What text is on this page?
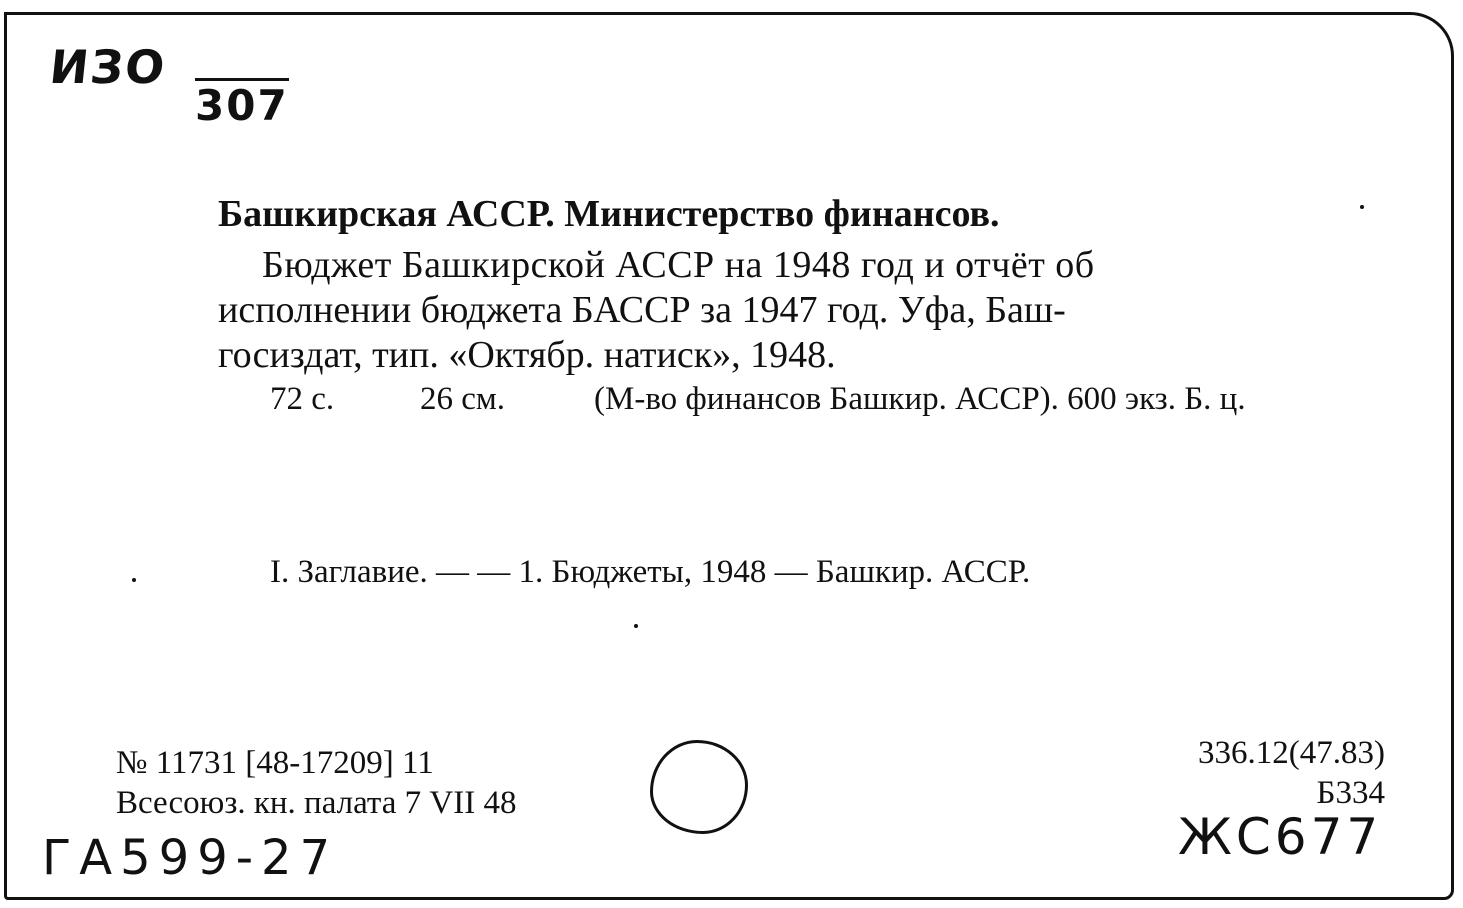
ИЗО
307
Башкирская АССР. Министерство финансов.
Бюджет Башкирской АССР на 1948 год и отчёт об
исполнении бюджета БАССР за 1947 год. Уфа, Баш-
госиздат, тип. «Октябр. натиск», 1948.
72 с.	26 см.	(М-во финансов Башкир. АССР). 600 экз. Б. ц.
I. Заглавие. — — 1. Бюджеты, 1948 — Башкир. АССР.
№ 11731 [48-17209] 11
Всесоюз. кн. палата 7 VII 48
336.12(47.83)
Б334
ГА599-27	ЖС677
